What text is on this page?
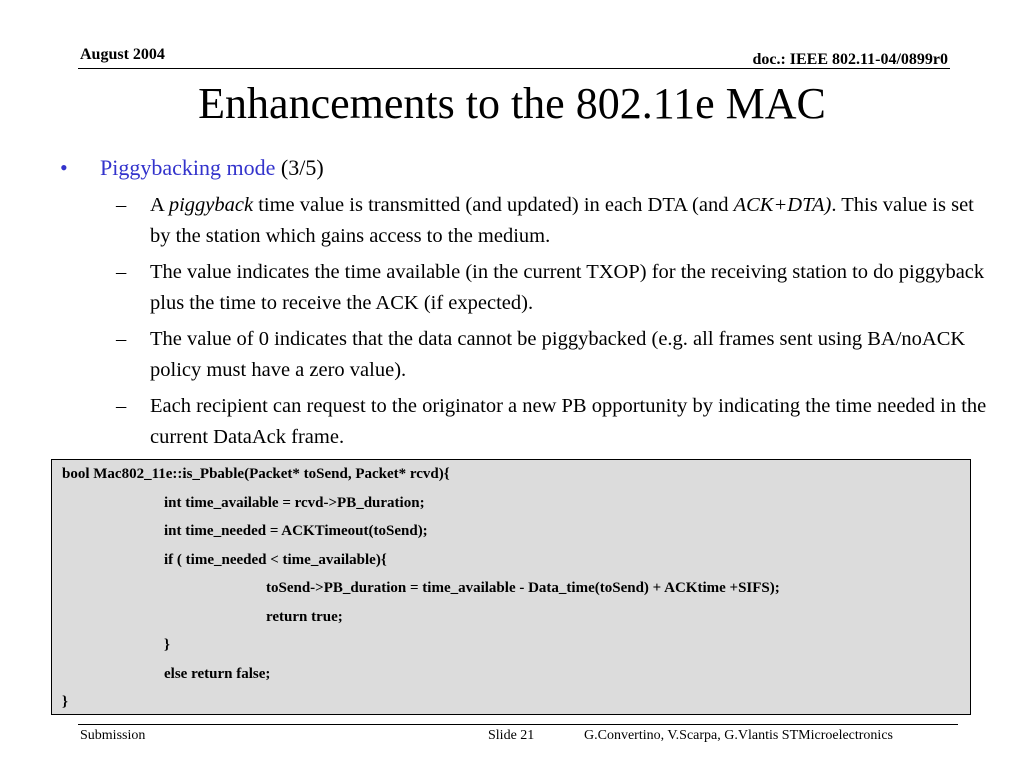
August 2004	doc.: IEEE 802.11-04/0899r0
Enhancements to the 802.11e MAC
• Piggybacking mode (3/5)
– A piggyback time value is transmitted (and updated) in each DTA (and ACK+DTA). This value is set by the station which gains access to the medium.
– The value indicates the time available (in the current TXOP) for the receiving station to do piggyback plus the time to receive the ACK (if expected).
– The value of 0 indicates that the data cannot be piggybacked (e.g. all frames sent using BA/noACK policy must have a zero value).
– Each recipient can request to the originator a new PB opportunity by indicating the time needed in the current DataAck frame.
bool Mac802_11e::is_Pbable(Packet* toSend, Packet* rcvd){
int time_available = rcvd->PB_duration;
int time_needed = ACKTimeout(toSend);
if ( time_needed < time_available){
toSend->PB_duration = time_available - Data_time(toSend) + ACKtime +SIFS);
return true;
}
else return false;
}
Submission	Slide 21	G.Convertino, V.Scarpa, G.Vlantis STMicroelectronics
